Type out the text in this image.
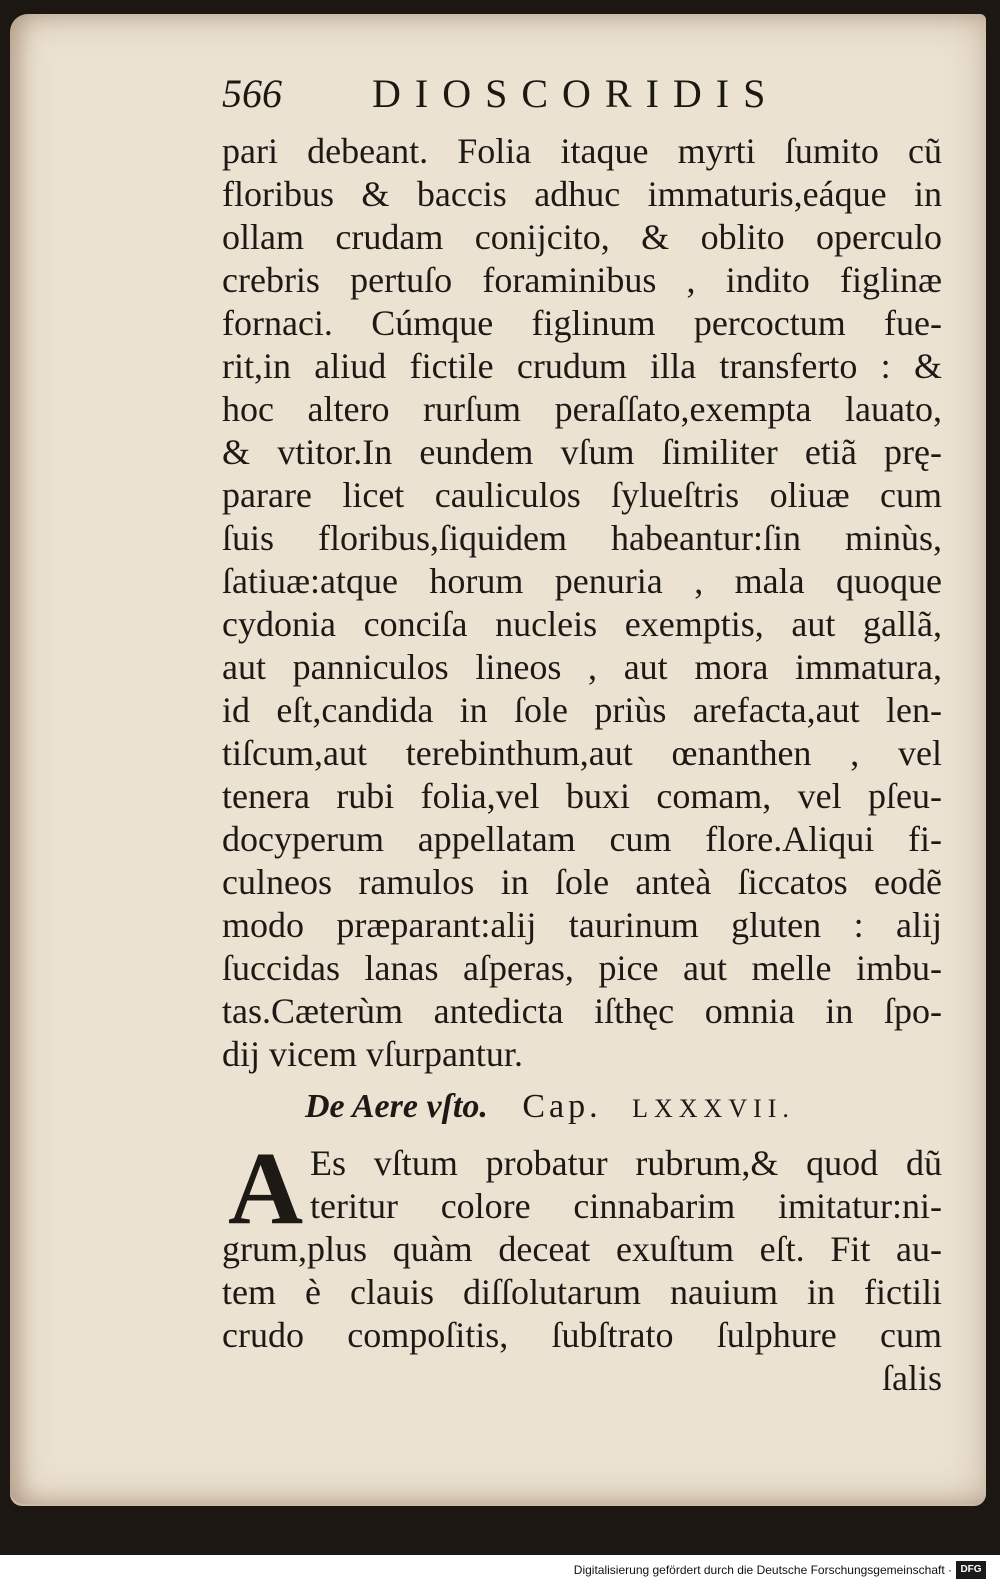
566 DIOSCORIDIS
pari debeant. Folia itaque myrti ſumito cũ
floribus & baccis adhuc immaturis,eáque in
ollam crudam conijcito, & oblito operculo
crebris pertuſo foraminibus , indito figlinæ
fornaci. Cúmque figlinum percoctum fue-
rit,in aliud fictile crudum illa transferto : &
hoc altero rurſum peraſſato,exempta lauato,
& vtitor.In eundem vſum ſimiliter etiã prę-
parare licet cauliculos ſylueſtris oliuæ cum
ſuis floribus,ſiquidem habeantur:ſin minùs,
ſatiuæ:atque horum penuria , mala quoque
cydonia conciſa nucleis exemptis, aut gallã,
aut panniculos lineos , aut mora immatura,
id eſt,candida in ſole priùs arefacta,aut len-
tiſcum,aut terebinthum,aut œnanthen , vel
tenera rubi folia,vel buxi comam, vel pſeu-
docyperum appellatam cum flore.Aliqui fi-
culneos ramulos in ſole anteà ſiccatos eodẽ
modo præparant:alij taurinum gluten : alij
ſuccidas lanas aſperas, pice aut melle imbu-
tas.Cæterùm antedicta iſthęc omnia in ſpo-
dij vicem vſurpantur.
De Aere vſto. Cap. LXXXVII.
A Es vſtum probatur rubrum,& quod dũ
teritur colore cinnabarim imitatur:ni-
grum,plus quàm deceat exuſtum eſt. Fit au-
tem è clauis diſſolutarum nauium in fictili
crudo compoſitis, ſubſtrato ſulphure cum
ſalis
Digitalisierung gefördert durch die Deutsche Forschungsgemeinschaft · DFG
